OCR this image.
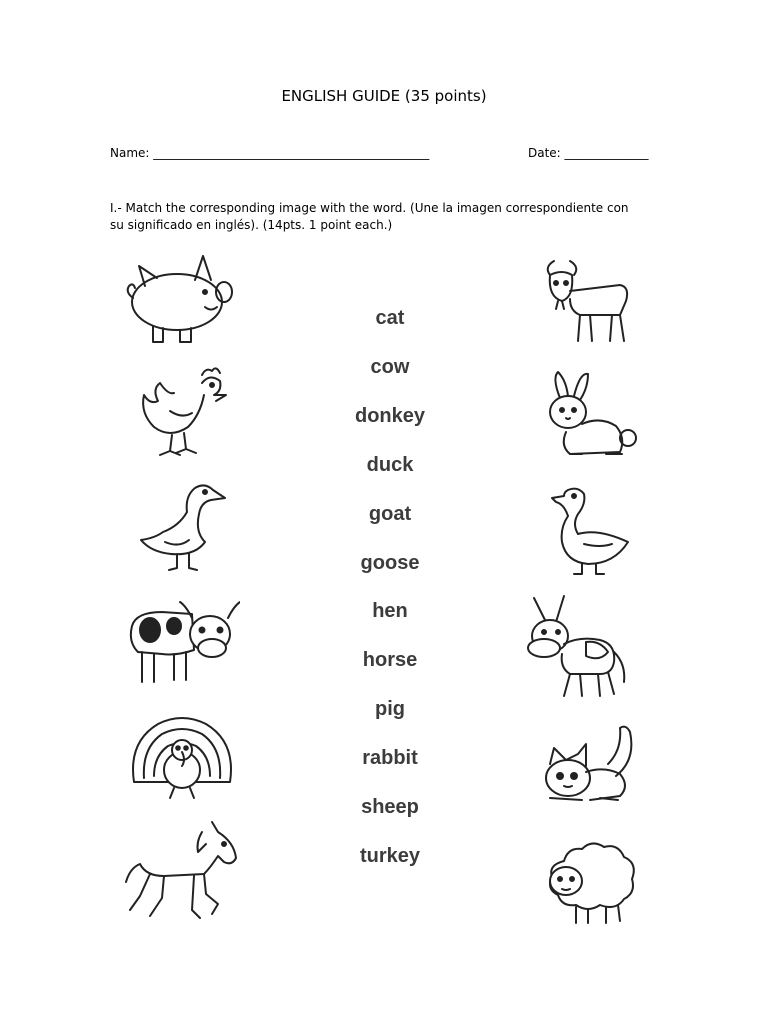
ENGLISH GUIDE (35 points)
Name: ______________________________________________	Date: ______________
I.- Match the corresponding image with the word. (Une la imagen correspondiente con su significado en inglés). (14pts. 1 point each.)
cat
cow
donkey
duck
goat
goose
hen
horse
pig
rabbit
sheep
turkey
